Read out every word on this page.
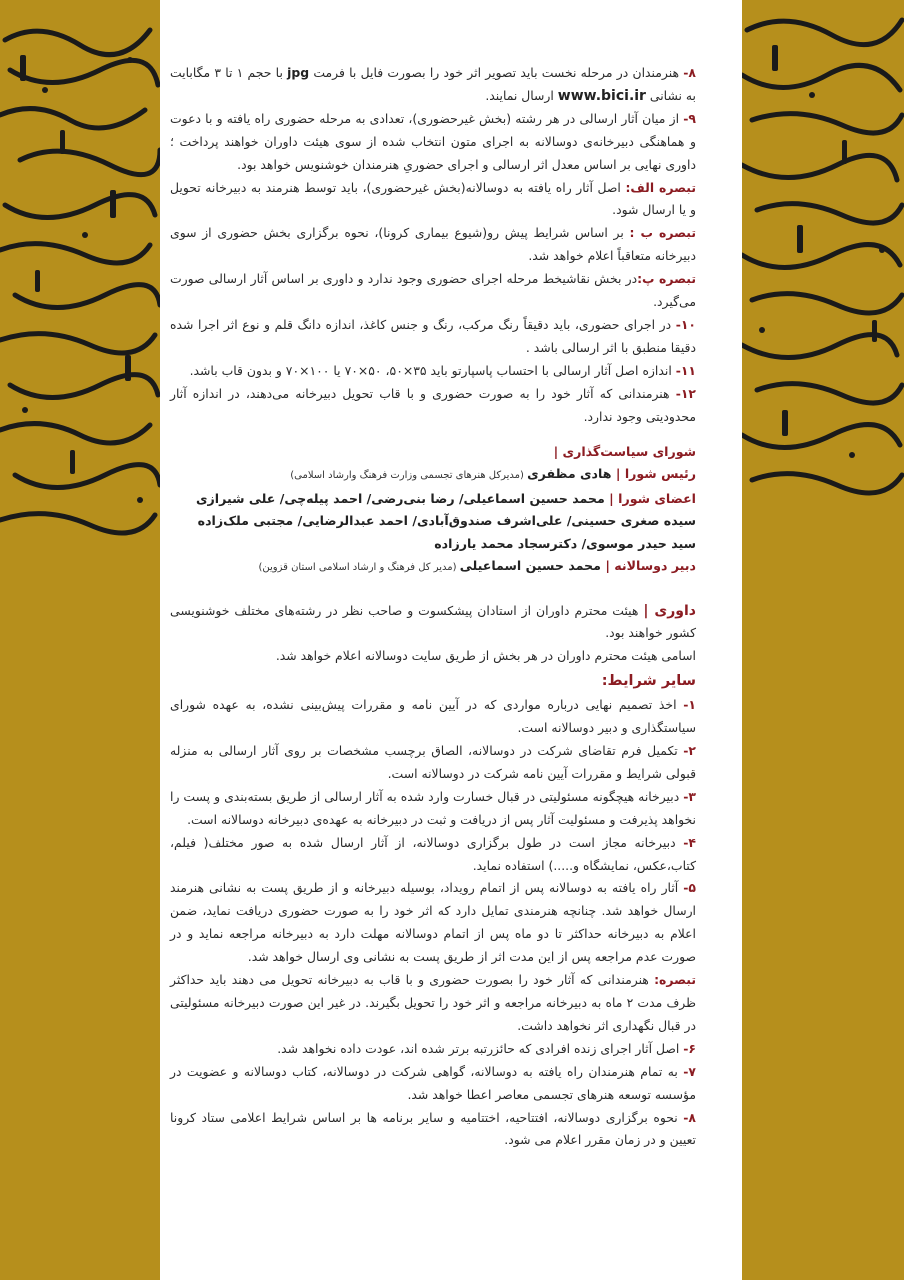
۸- هنرمندان در مرحله نخست باید تصویر اثر خود را بصورت فایل با فرمت jpg با حجم ۱ تا ۳ مگابایت به نشانی www.bici.ir ارسال نمایند.

۹- از میان آثار ارسالی در هر رشته (بخش غیرحضوری)، تعدادی به مرحله حضوری راه یافته و با دعوت و هماهنگی دبیرخانه‌ی دوسالانه به اجرای متون انتخاب شده از سوی هیئت داوران خواهند پرداخت ؛ داوری نهایی بر اساس معدل اثر ارسالی و اجرای حضوریِ هنرمندان خوشنویس خواهد بود.

تبصره الف: اصل آثار راه یافته به دوسالانه(بخش غیرحضوری)، باید توسط هنرمند به دبیرخانه تحویل و یا ارسال شود.

تبصره ب : بر اساس شرایط پیش رو(شیوع بیماری کرونا)، نحوه برگزاری بخش حضوری از سوی دبیرخانه متعاقباً اعلام خواهد شد.

تبصره پ:در بخش نقاشیخط مرحله اجرای حضوری وجود ندارد و داوری بر اساس آثار ارسالی صورت می‌گیرد.

۱۰- در اجرای حضوری، باید دقیقاً رنگ مرکب، رنگ و جنس کاغذ، اندازه دانگ قلم و نوع اثر اجرا شده دقیقا منطبق با اثر ارسالی باشد .

۱۱- اندازه اصل آثار ارسالی با احتساب پاسپارتو باید ۳۵×۵۰، ۵۰×۷۰ یا ۱۰۰×۷۰ و بدون قاب باشد.

۱۲- هنرمندانی که آثار خود را به صورت حضوری و با قاب تحویل دبیرخانه می‌دهند، در اندازه آثار محدودیتی وجود ندارد.

شورای سیاست‌گذاری |

رئیس شورا | هادی مظفری (مدیرکل هنرهای تجسمی وزارت فرهنگ وارشاد اسلامی)

اعضای شورا | محمد حسین اسماعیلی/ رضا بنی‌رضی/ احمد پیله‌چی/ علی شیرازی

سیده صغری حسینی/ علی‌اشرف صندوق‌آبادی/ احمد عبدالرضایی/ مجتبی ملک‌زاده

سید حیدر موسوی/ دکترسجاد محمد یارزاده

دبیر دوسالانه | محمد حسین اسماعیلی (مدیر کل فرهنگ و ارشاد اسلامی استان قزوین)

داوری | هیئت محترم داوران از استادان پیشکسوت و صاحب نظر در رشته‌های مختلف خوشنویسی کشور خواهند بود.

اسامی هیئت محترم داوران در هر بخش از طریق سایت دوسالانه اعلام خواهد شد.

سایر شرایط:

۱- اخذ تصمیم نهایی درباره مواردی که در آیین نامه و مقررات پیش‌بینی نشده، به عهده شورای سیاستگذاری و دبیر دوسالانه است.

۲- تکمیل فرم تقاضای شرکت در دوسالانه، الصاق برچسب مشخصات بر روی آثار ارسالی به منزله قبولی شرایط و مقررات آیین نامه شرکت در دوسالانه است.

۳- دبیرخانه هیچگونه مسئولیتی در قبال خسارت وارد شده به آثار ارسالی از طریق بسته‌بندی و پست را نخواهد پذیرفت و مسئولیت آثار پس از دریافت و ثبت در دبیرخانه به عهده‌ی دبیرخانه دوسالانه است.

۴- دبیرخانه مجاز است در طول برگزاری دوسالانه، از آثار ارسال شده به صور مختلف( فیلم، کتاب،عکس، نمایشگاه و.....) استفاده نماید.

۵- آثار راه یافته به دوسالانه پس از اتمام رویداد، بوسیله دبیرخانه و از طریق پست به نشانی هنرمند ارسال خواهد شد. چنانچه هنرمندی تمایل دارد که اثر خود را به صورت حضوری دریافت نماید، ضمن اعلام به دبیرخانه حداکثر تا دو ماه پس از اتمام دوسالانه مهلت دارد به دبیرخانه مراجعه نماید و در صورت عدم مراجعه پس از این مدت اثر از طریق پست به نشانی وی ارسال خواهد شد.

تبصره: هنرمندانی که آثار خود را بصورت حضوری و با قاب به دبیرخانه تحویل می دهند باید حداکثر ظرف مدت ۲ ماه به دبیرخانه مراجعه و اثر خود را تحویل بگیرند. در غیر این صورت دبیرخانه مسئولیتی در قبال نگهداری اثر نخواهد داشت.

۶- اصل آثار اجرای زنده افرادی که حائزرتبه برتر شده اند، عودت داده نخواهد شد.

۷- به تمام هنرمندان راه یافته به دوسالانه، گواهی شرکت در دوسالانه، کتاب دوسالانه و عضویت در مؤسسه توسعه هنرهای تجسمی معاصر اعطا خواهد شد.

۸- نحوه برگزاری دوسالانه، افتتاحیه، اختتامیه و سایر برنامه ها بر اساس شرایط اعلامی ستاد کرونا تعیین و در زمان مقرر اعلام می شود.
